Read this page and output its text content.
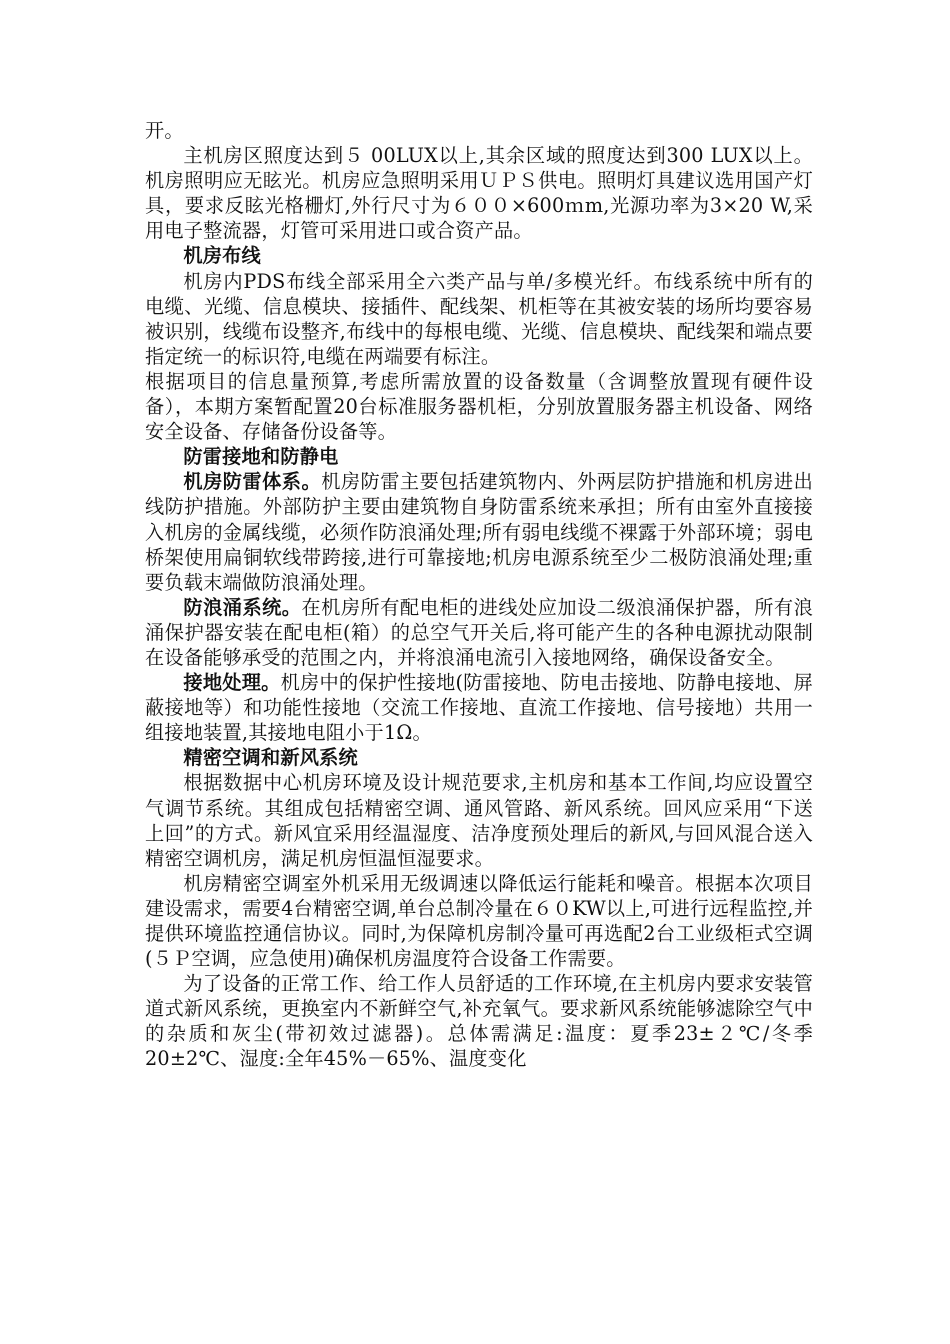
开。

主机房区照度达到５ 00LUX以上,其余区域的照度达到300 LUX以上。机房照明应无眩光。机房应急照明采用ＵＰＳ供电。照明灯具建议选用国产灯具，要求反眩光格栅灯,外行尺寸为６００×600ｍm,光源功率为3×20 W,采用电子整流器，灯管可采用进口或合资产品。

机房布线

机房内PDS布线全部采用全六类产品与单/多模光纤。布线系统中所有的电缆、光缆、信息模块、接插件、配线架、机柜等在其被安装的场所均要容易被识别，线缆布设整齐,布线中的每根电缆、光缆、信息模块、配线架和端点要指定统一的标识符,电缆在两端要有标注。

根据项目的信息量预算,考虑所需放置的设备数量（含调整放置现有硬件设备），本期方案暂配置20台标准服务器机柜，分别放置服务器主机设备、网络安全设备、存储备份设备等。

防雷接地和防静电

机房防雷体系。机房防雷主要包括建筑物内、外两层防护措施和机房进出线防护措施。外部防护主要由建筑物自身防雷系统来承担；所有由室外直接接入机房的金属线缆，必须作防浪涌处理;所有弱电线缆不裸露于外部环境；弱电桥架使用扁铜软线带跨接,进行可靠接地;机房电源系统至少二极防浪涌处理;重要负载末端做防浪涌处理。

防浪涌系统。在机房所有配电柜的进线处应加设二级浪涌保护器，所有浪涌保护器安装在配电柜(箱）的总空气开关后,将可能产生的各种电源扰动限制在设备能够承受的范围之内，并将浪涌电流引入接地网络，确保设备安全。

接地处理。机房中的保护性接地(防雷接地、防电击接地、防静电接地、屏蔽接地等）和功能性接地（交流工作接地、直流工作接地、信号接地）共用一组接地装置,其接地电阻小于1Ω。

精密空调和新风系统

根据数据中心机房环境及设计规范要求,主机房和基本工作间,均应设置空气调节系统。其组成包括精密空调、通风管路、新风系统。回风应采用“下送上回”的方式。新风宜采用经温湿度、洁净度预处理后的新风,与回风混合送入精密空调机房，满足机房恒温恒湿要求。

机房精密空调室外机采用无级调速以降低运行能耗和噪音。根据本次项目建设需求，需要4台精密空调,单台总制冷量在６０KW以上,可进行远程监控,并提供环境监控通信协议。同时,为保障机房制冷量可再选配2台工业级柜式空调(５Ｐ空调，应急使用)确保机房温度符合设备工作需要。

为了设备的正常工作、给工作人员舒适的工作环境,在主机房内要求安装管道式新风系统，更换室内不新鲜空气,补充氧气。要求新风系统能够滤除空气中的杂质和灰尘(带初效过滤器)。总体需满足:温度：夏季23±２℃/冬季20±2℃、湿度:全年45%－65%、温度变化
